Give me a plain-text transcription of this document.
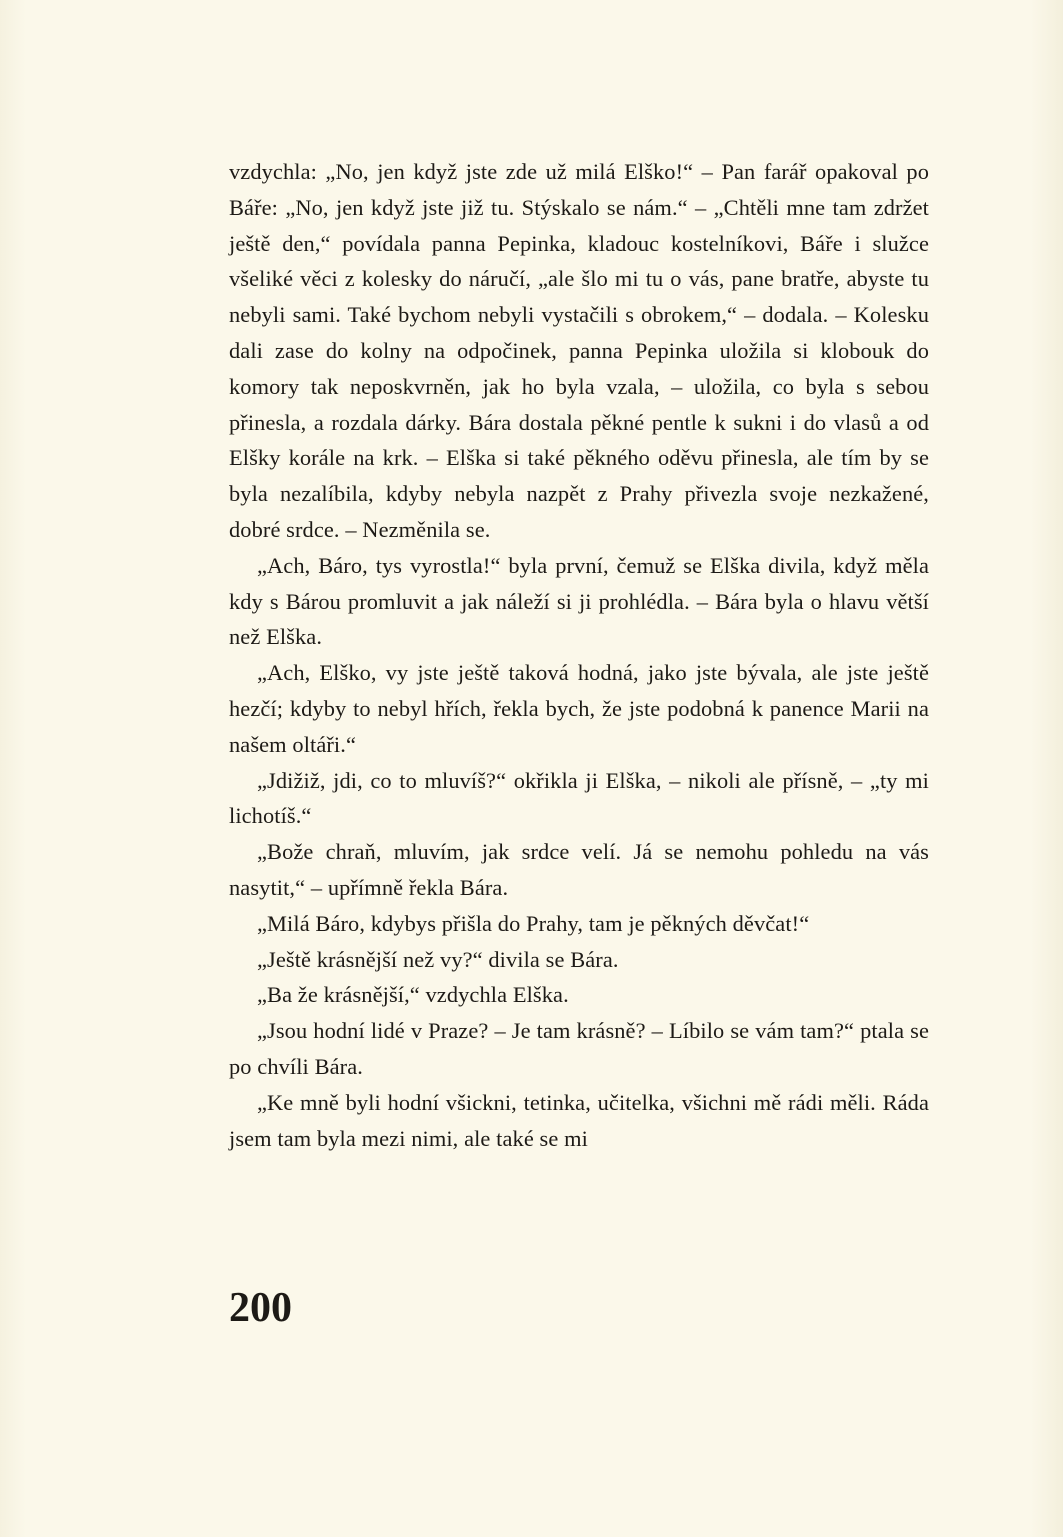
vzdychla: „No, jen když jste zde už milá Elško!“ – Pan farář opakoval po Báře: „No, jen když jste již tu. Stýskalo se nám.“ – „Chtěli mne tam zdržet ještě den,“ povídala panna Pepinka, kladouc kostelníkovi, Báře i služce všeliké věci z kolesky do náručí, „ale šlo mi tu o vás, pane bratře, abyste tu nebyli sami. Také bychom nebyli vystačili s obrokem,“ – dodala. – Kolesku dali zase do kolny na odpočinek, panna Pepinka uložila si klobouk do komory tak neposkvrněn, jak ho byla vzala, – uložila, co byla s sebou přinesla, a rozdala dárky. Bára dostala pěkné pentle k sukni i do vlasů a od Elšky korále na krk. – Elška si také pěkného oděvu přinesla, ale tím by se byla nezalíbila, kdyby nebyla nazpět z Prahy přivezla svoje nezkažené, dobré srdce. – Nezměnila se.

„Ach, Báro, tys vyrostla!“ byla první, čemuž se Elška divila, když měla kdy s Bárou promluvit a jak náleží si ji prohlédla. – Bára byla o hlavu větší než Elška.

„Ach, Elško, vy jste ještě taková hodná, jako jste bývala, ale jste ještě hezčí; kdyby to nebyl hřích, řekla bych, že jste podobná k panence Marii na našem oltáři.“

„Jdižiž, jdi, co to mluvíš?“ okřikla ji Elška, – nikoli ale přísně, – „ty mi lichotíš.“

„Bože chraň, mluvím, jak srdce velí. Já se nemohu pohledu na vás nasytit,“ – upřímně řekla Bára.

„Milá Báro, kdybys přišla do Prahy, tam je pěkných děvčat!“

„Ještě krásnější než vy?“ divila se Bára.

„Ba že krásnější,“ vzdychla Elška.

„Jsou hodní lidé v Praze? – Je tam krásně? – Líbilo se vám tam?“ ptala se po chvíli Bára.

„Ke mně byli hodní všickni, tetinka, učitelka, všichni mě rádi měli. Ráda jsem tam byla mezi nimi, ale také se mi

200
